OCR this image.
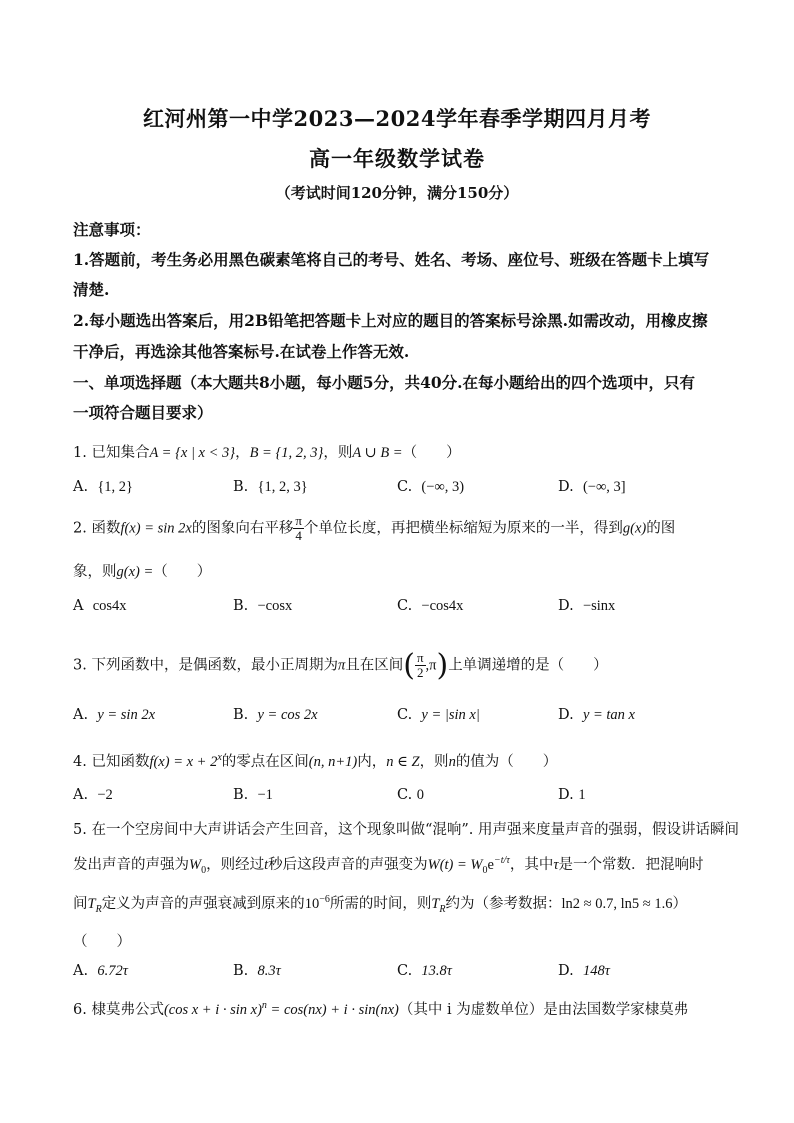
红河州第一中学2023—2024学年春季学期四月月考
高一年级数学试卷
（考试时间120分钟，满分150分）
注意事项：
1.答题前，考生务必用黑色碳素笔将自己的考号、姓名、考场、座位号、班级在答题卡上填写
清楚.
2.每小题选出答案后，用2B铅笔把答题卡上对应的题目的答案标号涂黑.如需改动，用橡皮擦
干净后，再选涂其他答案标号.在试卷上作答无效.
一、单项选择题（本大题共8小题，每小题5分，共40分.在每小题给出的四个选项中，只有
一项符合题目要求）
1. 已知集合A = {x | x < 3}，B = {1, 2, 3}，则A ∪ B =（　　）
A. {1, 2}	B. {1, 2, 3}	C. (−∞, 3)	D. (−∞, 3]
2. 函数f(x) = sin 2x的图象向右平移 $\frac{\pi}{4}$ 个单位长度，再把横坐标缩短为原来的一半，得到g(x)的图
象，则g(x) =（　　）
A cos4x	B. −cosx	C. −cos4x	D. −sinx
3. 下列函数中，是偶函数，最小正周期为π且在区间( $\frac{\pi}{2} ,\pi$)上单调递增的是（　　）
A. y = sin 2x	B. y = cos 2x	C. y = |sin x|	D. y = tan x
4. 已知函数$f(x) = x + 2^x$的零点在区间(n, n+1)内，n ∈ Z，则n的值为（　　）
A. −2	B. −1	C. 0	D. 1
5. 在一个空房间中大声讲话会产生回音，这个现象叫做“混响”. 用声强来度量声音的强弱，假设讲话瞬间
发出声音的声强为$W_0$，则经过t秒后这段声音的声强变为$W(t) = W_0e^{-t/\tau}$，其中τ是一个常数．把混响时
间$T_R$定义为声音的声强衰减到原来的$10^{-6}$所需的时间，则$T_R$约为（参考数据：ln2 ≈ 0.7, ln5 ≈ 1.6）
（　　）
A. 6.72τ	B. 8.3τ	C. 13.8τ	D. 148τ
6. 棣莫弗公式(cos x + i · sin x)$^n$ = cos(nx) + i · sin(nx)（其中 i 为虚数单位）是由法国数学家棣莫弗
